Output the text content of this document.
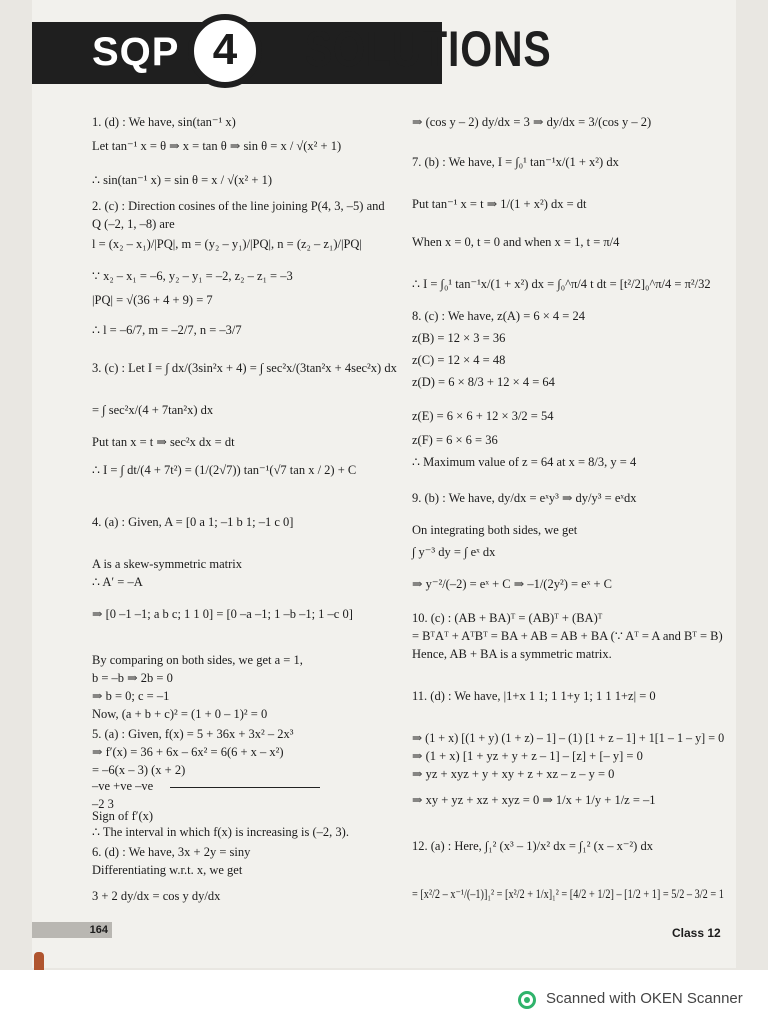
SQP 4	SOLUTIONS
1. (d) : We have, sin(tan⁻¹ x)
Let tan⁻¹ x = θ ⇒ x = tan θ ⇒ sin θ = x / √(x² + 1)
∴ sin(tan⁻¹ x) = sin θ = x / √(x² + 1)
2. (c) : Direction cosines of the line joining P(4, 3, –5) and
Q (–2, 1, –8) are
l = (x₂ – x₁)/|PQ|, m = (y₂ – y₁)/|PQ|, n = (z₂ – z₁)/|PQ|
∵ x₂ – x₁ = –6, y₂ – y₁ = –2, z₂ – z₁ = –3
|PQ| = √(36 + 4 + 9) = 7
∴ l = –6/7, m = –2/7, n = –3/7
3. (c) : Let I = ∫ dx/(3sin²x + 4) = ∫ sec²x/(3tan²x + 4sec²x) dx
= ∫ sec²x/(4 + 7tan²x) dx
Put tan x = t ⇒ sec²x dx = dt
∴ I = ∫ dt/(4 + 7t²) = (1/(2√7)) tan⁻¹(√7 tan x / 2) + C
4. (a) : Given, A = [0 a 1; –1 b 1; –1 c 0]
A is a skew-symmetric matrix
∴ A′ = –A
⇒ [0 –1 –1; a b c; 1 1 0] = [0 –a –1; 1 –b –1; 1 –c 0]
By comparing on both sides, we get a = 1,
b = –b ⇒ 2b = 0
⇒ b = 0; c = –1
Now, (a + b + c)² = (1 + 0 – 1)² = 0
5. (a) : Given, f(x) = 5 + 36x + 3x² – 2x³
⇒ f′(x) = 36 + 6x – 6x² = 6(6 + x – x²)
= –6(x – 3) (x + 2)
–ve +ve –ve
–2 3
Sign of f′(x)
∴ The interval in which f(x) is increasing is (–2, 3).
6. (d) : We have, 3x + 2y = siny
Differentiating w.r.t. x, we get
3 + 2 dy/dx = cos y dy/dx
⇒ (cos y – 2) dy/dx = 3 ⇒ dy/dx = 3/(cos y – 2)
7. (b) : We have, I = ∫₀¹ tan⁻¹x/(1 + x²) dx
Put tan⁻¹ x = t ⇒ 1/(1 + x²) dx = dt
When x = 0, t = 0 and when x = 1, t = π/4
∴ I = ∫₀¹ tan⁻¹x/(1 + x²) dx = ∫₀^π/4 t dt = [t²/2]₀^π/4 = π²/32
8. (c) : We have, z(A) = 6 × 4 = 24
z(B) = 12 × 3 = 36
z(C) = 12 × 4 = 48
z(D) = 6 × 8/3 + 12 × 4 = 64
z(E) = 6 × 6 + 12 × 3/2 = 54
z(F) = 6 × 6 = 36
∴ Maximum value of z = 64 at x = 8/3, y = 4
9. (b) : We have, dy/dx = eˣy³ ⇒ dy/y³ = eˣdx
On integrating both sides, we get
∫ y⁻³ dy = ∫ eˣ dx
⇒ y⁻²/(–2) = eˣ + C ⇒ –1/(2y²) = eˣ + C
10. (c) : (AB + BA)ᵀ = (AB)ᵀ + (BA)ᵀ
= BᵀAᵀ + AᵀBᵀ = BA + AB = AB + BA (∵ Aᵀ = A and Bᵀ = B)
Hence, AB + BA is a symmetric matrix.
11. (d) : We have, |1+x 1 1; 1 1+y 1; 1 1 1+z| = 0
⇒ (1 + x) [(1 + y) (1 + z) – 1] – (1) [1 + z – 1] + 1[1 – 1 – y] = 0
⇒ (1 + x) [1 + yz + y + z – 1] – [z] + [– y] = 0
⇒ yz + xyz + y + xy + z + xz – z – y = 0
⇒ xy + yz + xz + xyz = 0 ⇒ 1/x + 1/y + 1/z = –1
12. (a) : Here, ∫₁² (x³ – 1)/x² dx = ∫₁² (x – x⁻²) dx
= [x²/2 – x⁻¹/(–1)]₁² = [x²/2 + 1/x]₁² = [4/2 + 1/2] – [1/2 + 1] = 5/2 – 3/2 = 1
164	Class 12
Scanned with OKEN Scanner
